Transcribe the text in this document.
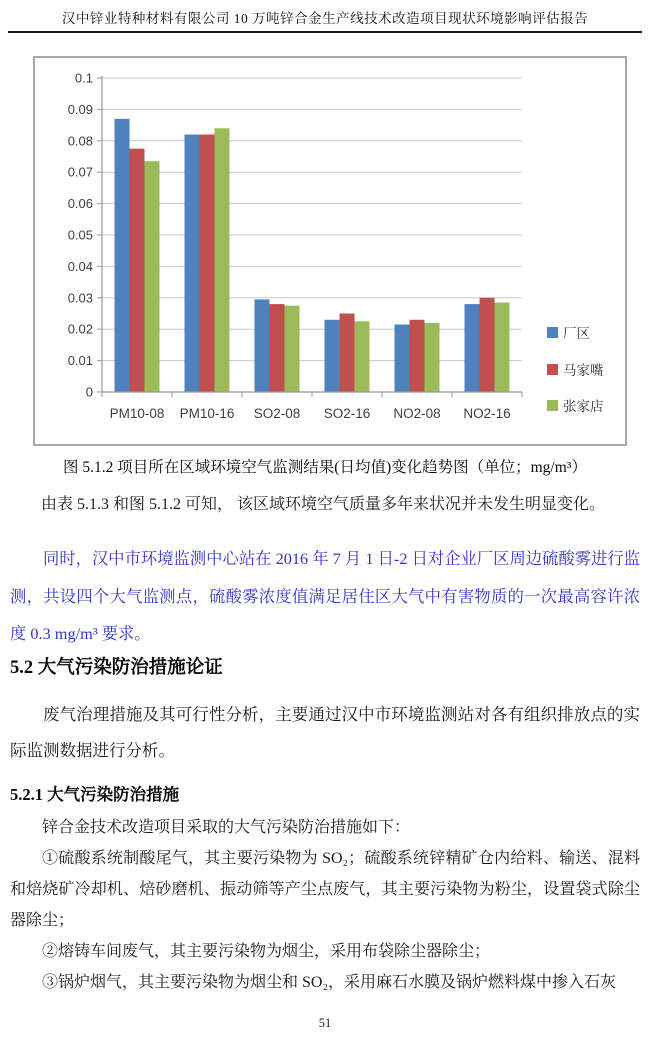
汉中锌业特种材料有限公司 10 万吨锌合金生产线技术改造项目现状环境影响评估报告
0
0.01
0.02
0.03
0.04
0.05
0.06
0.07
0.08
0.09
0.1
PM10-08 PM10-16 SO2-08 SO2-16 NO2-08 NO2-16
厂区
马家嘴
张家店
图 5.1.2 项目所在区域环境空气监测结果(日均值)变化趋势图（单位；mg/m³）
由表 5.1.3 和图 5.1.2 可知， 该区域环境空气质量多年来状况并未发生明显变化。
同时，汉中市环境监测中心站在 2016 年 7 月 1 日-2 日对企业厂区周边硫酸雾进行监测，共设四个大气监测点，硫酸雾浓度值满足居住区大气中有害物质的一次最高容许浓度 0.3 mg/m³ 要求。
5.2 大气污染防治措施论证
废气治理措施及其可行性分析，主要通过汉中市环境监测站对各有组织排放点的实际监测数据进行分析。
5.2.1 大气污染防治措施

锌合金技术改造项目采取的大气污染防治措施如下：

①硫酸系统制酸尾气，其主要污染物为 SO₂；硫酸系统锌精矿仓内给料、输送、混料和焙烧矿冷却机、焙砂磨机、振动筛等产尘点废气，其主要污染物为粉尘，设置袋式除尘器除尘；

②熔铸车间废气，其主要污染物为烟尘，采用布袋除尘器除尘；

③锅炉烟气，其主要污染物为烟尘和 SO₂，采用麻石水膜及锅炉燃料煤中掺入石灰

51
